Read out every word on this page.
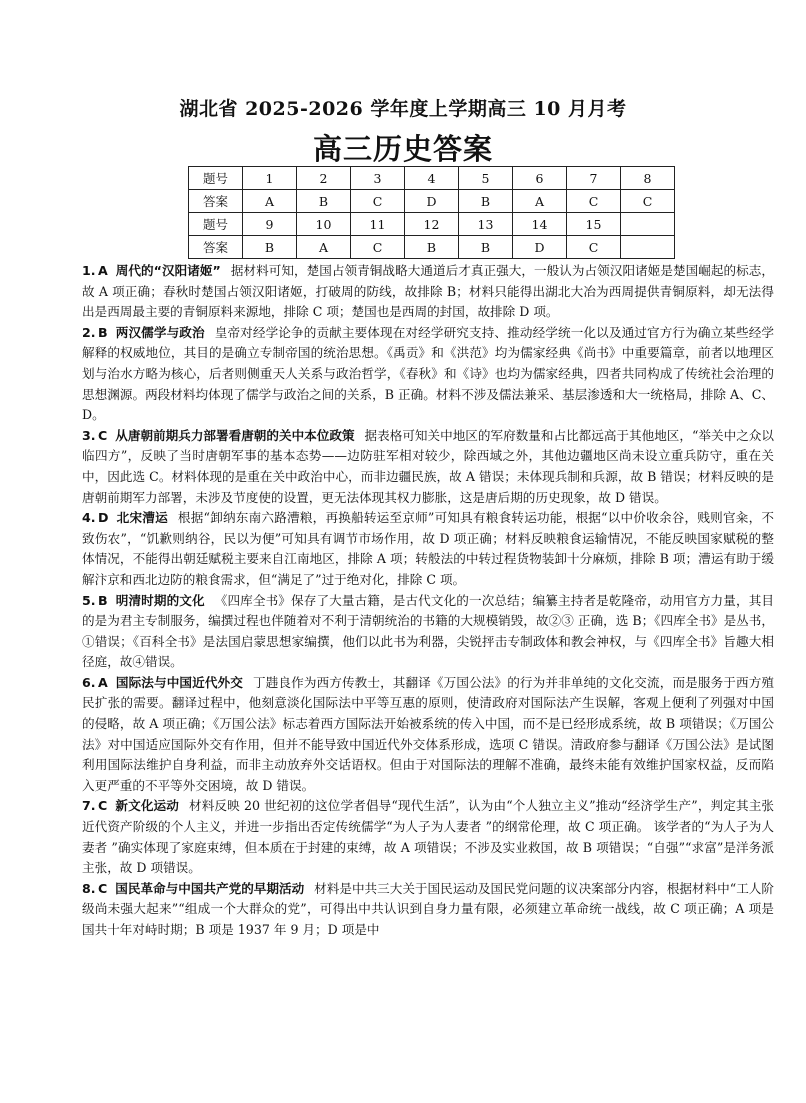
湖北省 2025-2026 学年度上学期高三 10 月月考
高三历史答案
题号	1	2	3	4	5	6	7	8
答案	A	B	C	D	B	A	C	C
题号	9	10	11	12	13	14	15	
答案	B	A	C	B	B	D	C	

1. A 周代的“汉阳诸姬” 据材料可知，楚国占领青铜战略大通道后才真正强大，一般认为占领汉阳诸姬是楚国崛起的标志，故 A 项正确；春秋时楚国占领汉阳诸姬，打破周的防线，故排除 B；材料只能得出湖北大冶为西周提供青铜原料，却无法得出是西周最主要的青铜原料来源地，排除 C 项；楚国也是西周的封国，故排除 D 项。

2. B 两汉儒学与政治 皇帝对经学论争的贡献主要体现在对经学研究支持、推动经学统一化以及通过官方行为确立某些经学解释的权威地位，其目的是确立专制帝国的统治思想。《禹贡》和《洪范》均为儒家经典《尚书》中重要篇章，前者以地理区划与治水方略为核心，后者则侧重天人关系与政治哲学，《春秋》和《诗》也均为儒家经典，四者共同构成了传统社会治理的思想渊源。两段材料均体现了儒学与政治之间的关系，B 正确。材料不涉及儒法兼采、基层渗透和大一统格局，排除 A、C、D。

3. C 从唐朝前期兵力部署看唐朝的关中本位政策 据表格可知关中地区的军府数量和占比都远高于其他地区，“举关中之众以临四方”，反映了当时唐朝军事的基本态势——边防驻军相对较少，除西域之外，其他边疆地区尚未设立重兵防守，重在关中，因此选 C。材料体现的是重在关中政治中心，而非边疆民族，故 A 错误；未体现兵制和兵源，故 B 错误；材料反映的是唐朝前期军力部署，未涉及节度使的设置，更无法体现其权力膨胀，这是唐后期的历史现象，故 D 错误。

4. D 北宋漕运 根据“卸纳东南六路漕粮，再换船转运至京师”可知具有粮食转运功能，根据“以中价收余谷，贱则官籴，不致伤农”，“饥歉则纳谷，民以为便”可知具有调节市场作用，故 D 项正确；材料反映粮食运输情况，不能反映国家赋税的整体情况，不能得出朝廷赋税主要来自江南地区，排除 A 项；转般法的中转过程货物装卸十分麻烦，排除 B 项；漕运有助于缓解汴京和西北边防的粮食需求，但“满足了”过于绝对化，排除 C 项。

5. B 明清时期的文化 《四库全书》保存了大量古籍，是古代文化的一次总结；编纂主持者是乾隆帝，动用官方力量，其目的是为君主专制服务，编撰过程也伴随着对不利于清朝统治的书籍的大规模销毁，故②③ 正确，选 B；《四库全书》是丛书，①错误；《百科全书》是法国启蒙思想家编撰，他们以此书为利器，尖锐抨击专制政体和教会神权，与《四库全书》旨趣大相径庭，故④错误。

6. A 国际法与中国近代外交 丁韪良作为西方传教士，其翻译《万国公法》的行为并非单纯的文化交流，而是服务于西方殖民扩张的需要。翻译过程中，他刻意淡化国际法中平等互惠的原则，使清政府对国际法产生误解，客观上便利了列强对中国的侵略，故 A 项正确；《万国公法》标志着西方国际法开始被系统的传入中国，而不是已经形成系统，故 B 项错误；《万国公法》对中国适应国际外交有作用，但并不能导致中国近代外交体系形成，选项 C 错误。清政府参与翻译《万国公法》是试图利用国际法维护自身利益，而非主动放弃外交话语权。但由于对国际法的理解不准确，最终未能有效维护国家权益，反而陷入更严重的不平等外交困境，故 D 错误。

7. C 新文化运动 材料反映 20 世纪初的这位学者倡导“现代生活”，认为由“个人独立主义”推动“经济学生产”，判定其主张近代资产阶级的个人主义，并进一步指出否定传统儒学“为人子为人妻者 ”的纲常伦理，故 C 项正确。 该学者的“为人子为人妻者 ”确实体现了家庭束缚，但本质在于封建的束缚，故 A 项错误；不涉及实业救国，故 B 项错误；“自强”“求富”是洋务派主张，故 D 项错误。

8. C 国民革命与中国共产党的早期活动 材料是中共三大关于国民运动及国民党问题的议决案部分内容，根据材料中“工人阶级尚未强大起来”“组成一个大群众的党”，可得出中共认识到自身力量有限，必须建立革命统一战线，故 C 项正确；A 项是国共十年对峙时期；B 项是 1937 年 9 月；D 项是中
